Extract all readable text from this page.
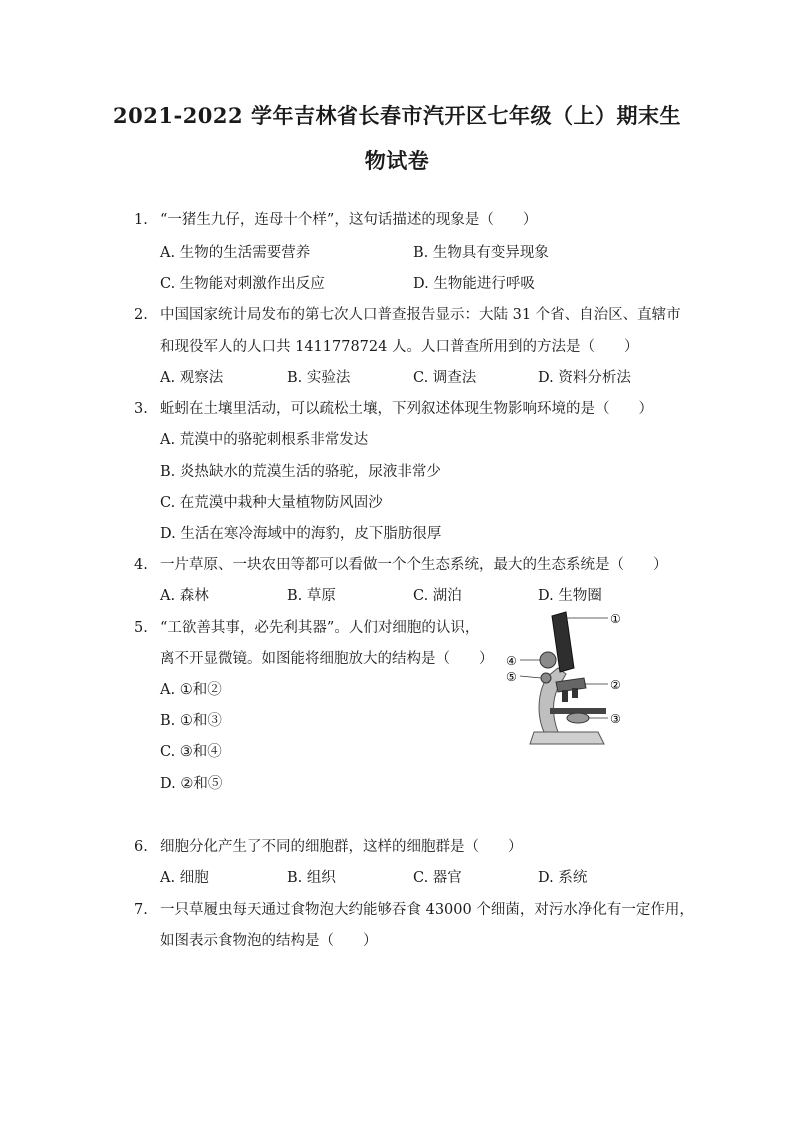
2021-2022 学年吉林省长春市汽开区七年级（上）期末生
物试卷
1. “一猪生九仔，连母十个样”，这句话描述的现象是（　　）
A. 生物的生活需要营养	B. 生物具有变异现象
C. 生物能对刺激作出反应	D. 生物能进行呼吸
2. 中国国家统计局发布的第七次人口普查报告显示：大陆 31 个省、自治区、直辖市
和现役军人的人口共 1411778724 人。人口普查所用到的方法是（　　）
A. 观察法	B. 实验法	C. 调查法	D. 资料分析法
3. 蚯蚓在土壤里活动，可以疏松土壤，下列叙述体现生物影响环境的是（　　）
A. 荒漠中的骆驼刺根系非常发达
B. 炎热缺水的荒漠生活的骆驼，尿液非常少
C. 在荒漠中栽种大量植物防风固沙
D. 生活在寒冷海域中的海豹，皮下脂肪很厚
4. 一片草原、一块农田等都可以看做一个个生态系统，最大的生态系统是（　　）
A. 森林	B. 草原	C. 湖泊	D. 生物圈
5. “工欲善其事，必先利其器”。人们对细胞的认识，
离不开显微镜。如图能将细胞放大的结构是（　　）
A. ①和②
B. ①和③
C. ③和④
D. ②和⑤
①
②
③
④
⑤
6. 细胞分化产生了不同的细胞群，这样的细胞群是（　　）
A. 细胞	B. 组织	C. 器官	D. 系统
7. 一只草履虫每天通过食物泡大约能够吞食 43000 个细菌，对污水净化有一定作用，
如图表示食物泡的结构是（　　）
